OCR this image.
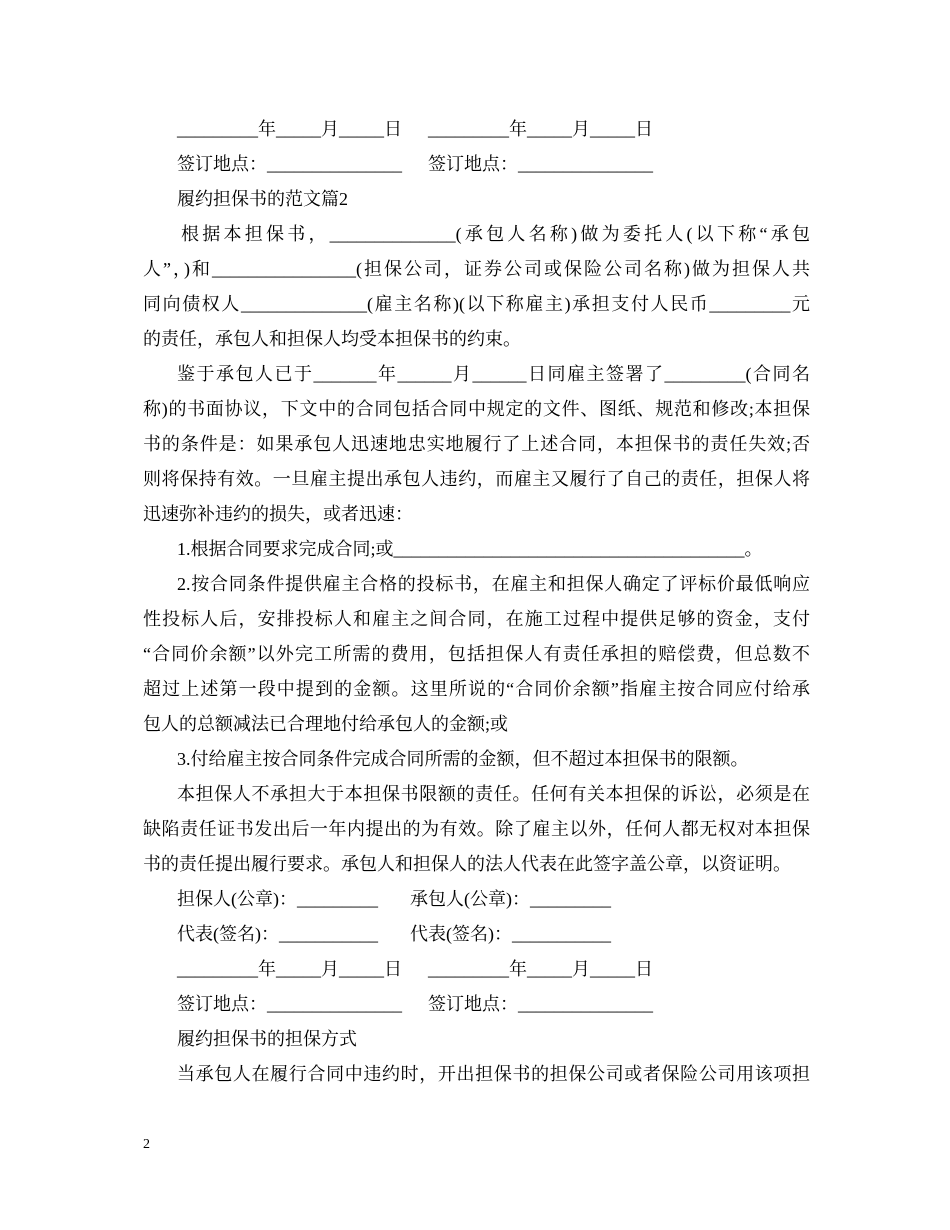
_________年_____月_____日 _________年_____月_____日
签订地点：_______________ 签订地点：_______________
履约担保书的范文篇2
根据本担保书，______________(承包人名称)做为委托人(以下称“承包
人”，)和________________(担保公司，证券公司或保险公司名称)做为担保人共
同向债权人______________(雇主名称)(以下称雇主)承担支付人民币_________元
的责任，承包人和担保人均受本担保书的约束。
鉴于承包人已于_______年______月______日同雇主签署了_________(合同名
称)的书面协议，下文中的合同包括合同中规定的文件、图纸、规范和修改;本担保
书的条件是：如果承包人迅速地忠实地履行了上述合同，本担保书的责任失效;否
则将保持有效。一旦雇主提出承包人违约，而雇主又履行了自己的责任，担保人将
迅速弥补违约的损失，或者迅速：
1.根据合同要求完成合同;或_______________________________________。
2.按合同条件提供雇主合格的投标书，在雇主和担保人确定了评标价最低响应
性投标人后，安排投标人和雇主之间合同，在施工过程中提供足够的资金，支付
“合同价余额”以外完工所需的费用，包括担保人有责任承担的赔偿费，但总数不
超过上述第一段中提到的金额。这里所说的“合同价余额”指雇主按合同应付给承
包人的总额减法已合理地付给承包人的金额;或
3.付给雇主按合同条件完成合同所需的金额，但不超过本担保书的限额。
本担保人不承担大于本担保书限额的责任。任何有关本担保的诉讼，必须是在
缺陷责任证书发出后一年内提出的为有效。除了雇主以外，任何人都无权对本担保
书的责任提出履行要求。承包人和担保人的法人代表在此签字盖公章，以资证明。
担保人(公章)：_________ 承包人(公章)：_________
代表(签名)：___________ 代表(签名)：___________
_________年_____月_____日 _________年_____月_____日
签订地点：_______________ 签订地点：_______________
履约担保书的担保方式
当承包人在履行合同中违约时，开出担保书的担保公司或者保险公司用该项担
2
